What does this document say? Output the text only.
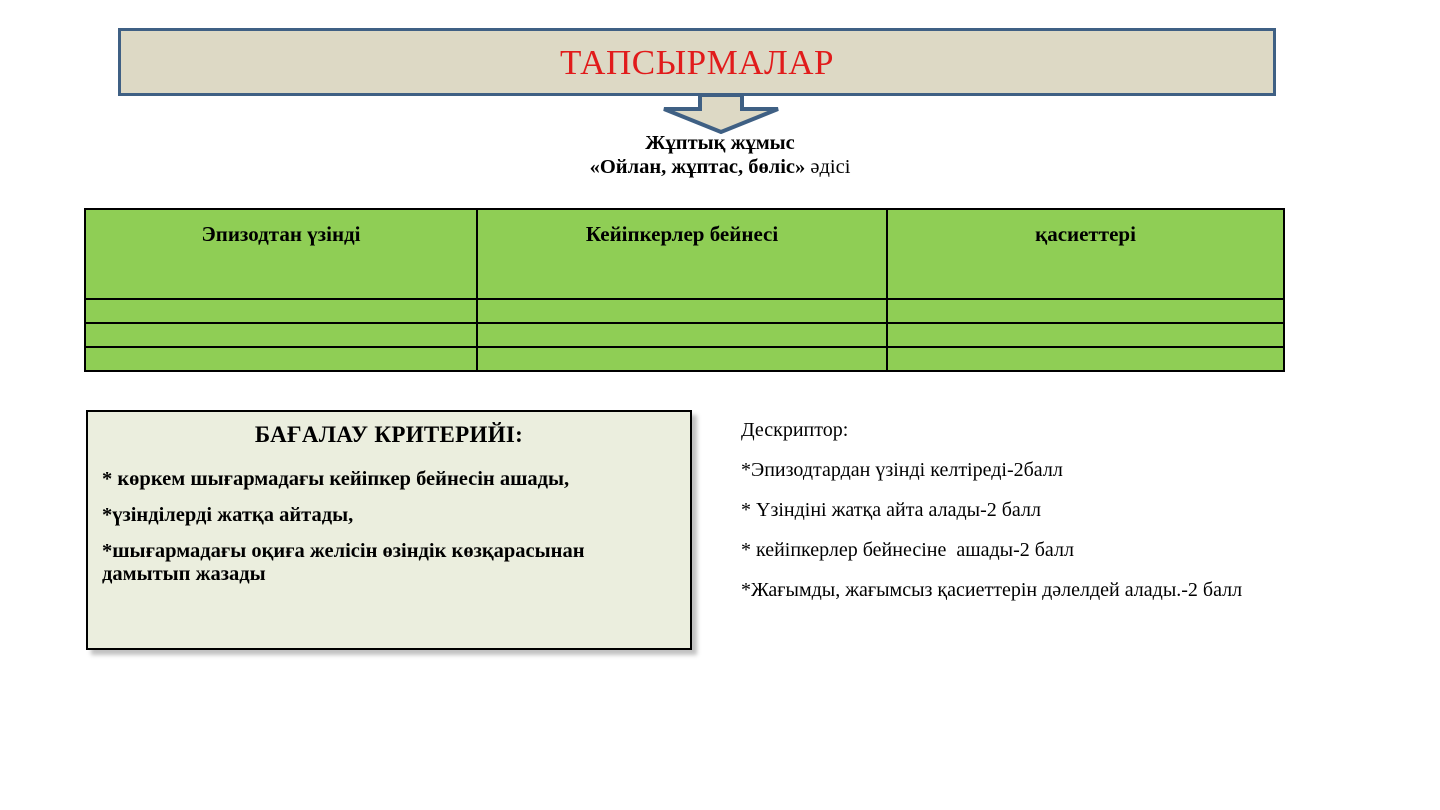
ТАПСЫРМАЛАР
Жұптық жұмыс
«Ойлан, жұптас, бөліс» әдісі
Эпизодтан үзінді	Кейіпкерлер бейнесі	қасиеттері

БАҒАЛАУ КРИТЕРИЙІ:
* көркем шығармадағы кейіпкер бейнесін ашады,
*үзінділерді жатқа айтады,
*шығармадағы оқиға желісін өзіндік көзқарасынан дамытып жазады
Дескриптор:
*Эпизодтардан үзінді келтіреді-2балл
* Үзіндіні жатқа айта алады-2 балл
* кейіпкерлер бейнесіне  ашады-2 балл
*Жағымды, жағымсыз қасиеттерін дәлелдей алады.-2 балл
